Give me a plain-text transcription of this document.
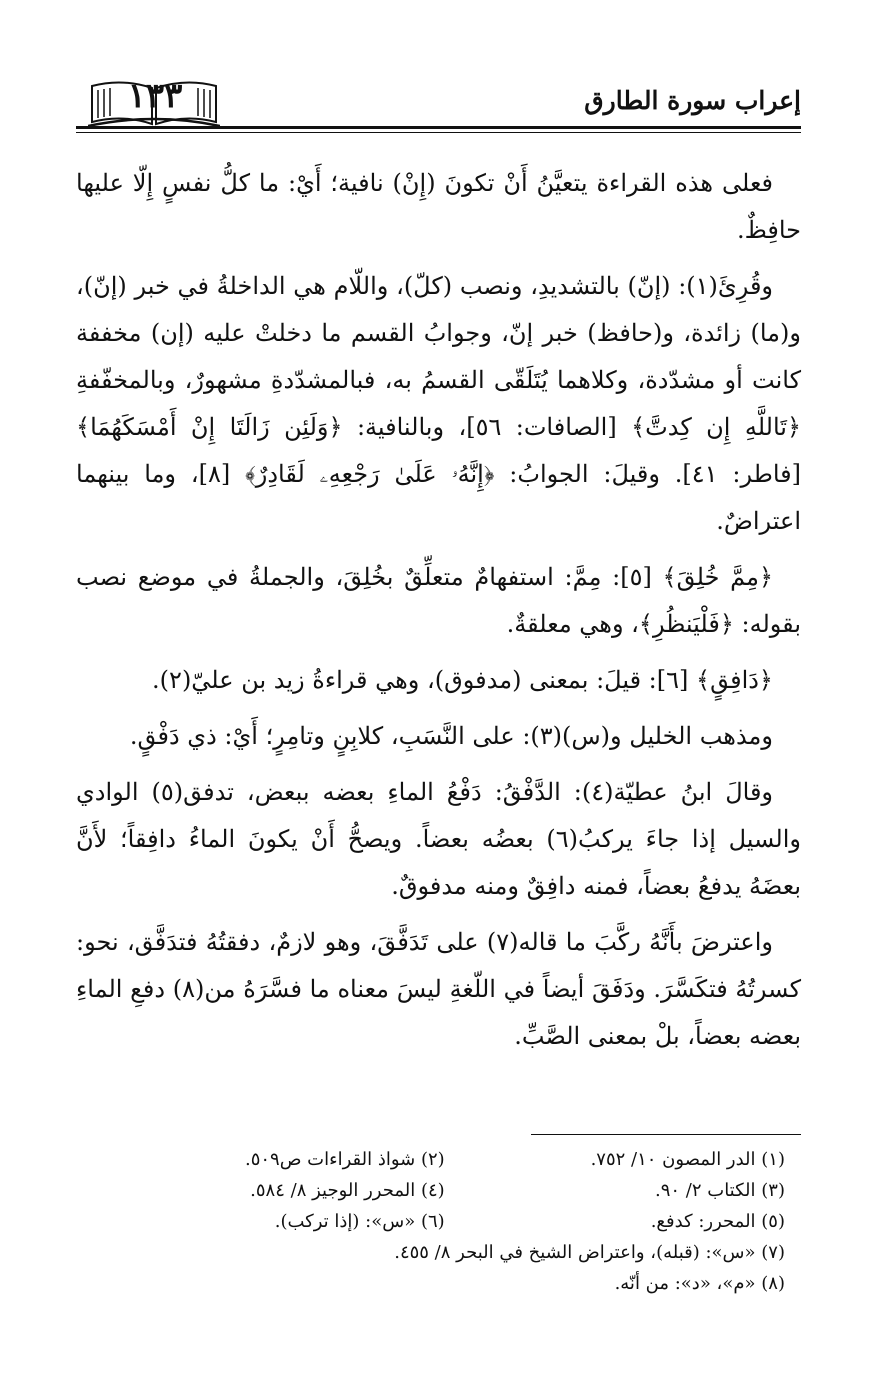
إعراب سورة الطارق
١٣٣

فعلى هذه القراءة يتعيَّنُ أَنْ تكونَ (إِنْ) نافية؛ أَيْ: ما كلُّ نفسٍ إِلّا عليها حافِظٌ.

وقُرِئَ(١): (إنّ) بالتشديدِ، ونصب (كلّ)، واللّام هي الداخلةُ في خبر (إنّ)، و(ما) زائدة، و(حافظ) خبر إنّ، وجوابُ القسم ما دخلتْ عليه (إن) مخففة كانت أو مشدّدة، وكلاهما يُتَلَقّى القسمُ به، فبالمشدّدةِ مشهورٌ، وبالمخفّفةِ ﴿تَاللَّهِ إِن كِدتَّ﴾ [الصافات: ٥٦]، وبالنافية: ﴿وَلَئِن زَالَتَا إِنْ أَمْسَكَهُمَا﴾ [فاطر: ٤١]. وقيلَ: الجوابُ: ﴿إِنَّهُۥ عَلَىٰ رَجْعِهِۦ لَقَادِرٌ﴾ [٨]، وما بينهما اعتراضٌ.

﴿مِمَّ خُلِقَ﴾ [٥]: مِمَّ: استفهامٌ متعلِّقٌ بخُلِقَ، والجملةُ في موضع نصب بقوله: ﴿فَلْيَنظُرِ﴾، وهي معلقةٌ.

﴿دَافِقٍ﴾ [٦]: قيلَ: بمعنى (مدفوق)، وهي قراءةُ زيد بن عليّ(٢).

ومذهب الخليل و(س)(٣): على النَّسَبِ، كلابِنٍ وتامِرٍ؛ أَيْ: ذي دَفْقٍ.

وقالَ ابنُ عطيّة(٤): الدَّفْقُ: دَفْعُ الماءِ بعضه ببعض، تدفق(٥) الوادي والسيل إذا جاءَ يركبُ(٦) بعضُه بعضاً. ويصحُّ أَنْ يكونَ الماءُ دافِقاً؛ لأَنَّ بعضَهُ يدفعُ بعضاً، فمنه دافِقٌ ومنه مدفوقٌ.

واعترضَ بأَنَّهُ ركَّبَ ما قاله(٧) على تَدَفَّقَ، وهو لازمٌ، دفقتُهُ فتدَفَّق، نحو: كسرتُهُ فتكَسَّرَ. ودَفَقَ أيضاً في اللّغةِ ليسَ معناه ما فسَّرَهُ من(٨) دفعِ الماءِ بعضه بعضاً، بلْ بمعنى الصَّبِّ.

(١) الدر المصون ١٠/ ٧٥٢.
(٢) شواذ القراءات ص٥٠٩.
(٣) الكتاب ٢/ ٩٠.
(٤) المحرر الوجيز ٨/ ٥٨٤.
(٥) المحرر: كدفع.
(٦) «س»: (إذا تركب).
(٧) «س»: (قبله)، واعتراض الشيخ في البحر ٨/ ٤٥٥.
(٨) «م»، «د»: من أنّه.
